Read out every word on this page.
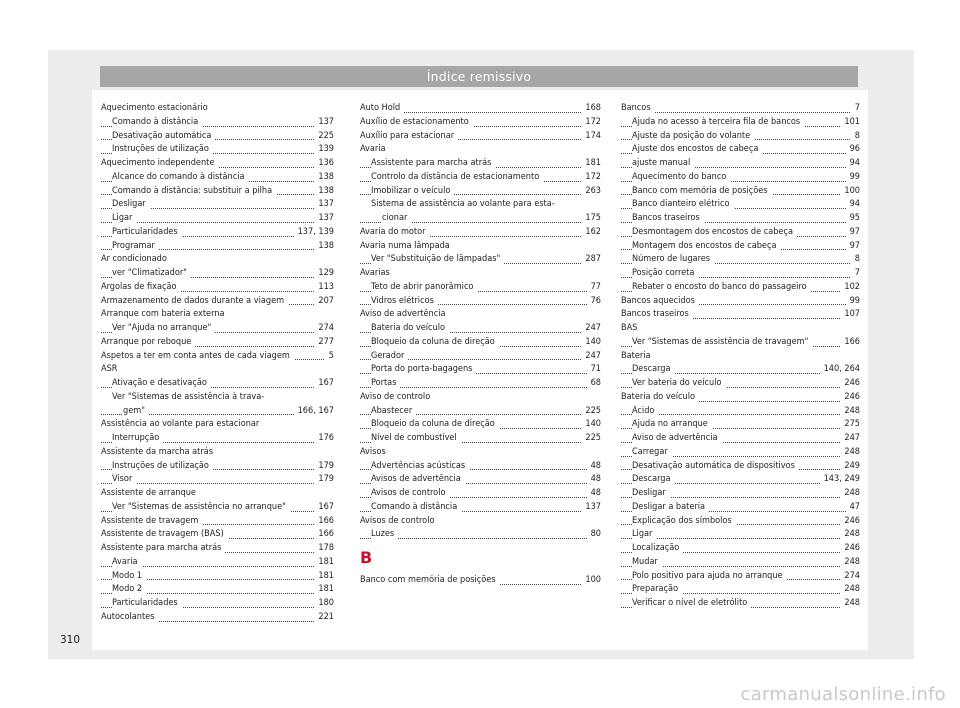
Índice remissivo
Aquecimento estacionário
Comando à distância	137
Desativação automática	225
Instruções de utilização	139
Aquecimento independente	136
Alcance do comando à distância	138
Comando à distância: substituir a pilha	138
Desligar	137
Ligar	137
Particularidades	137, 139
Programar	138
Ar condicionado
ver "Climatizador"	129
Argolas de fixação	113
Armazenamento de dados durante a viagem	207
Arranque com bateria externa
Ver "Ajuda no arranque"	274
Arranque por reboque	277
Aspetos a ter em conta antes de cada viagem	5
ASR
Ativação e desativação	167
Ver "Sistemas de assistência à trava-
gem"	166, 167
Assistência ao volante para estacionar
Interrupção	176
Assistente da marcha atrás
Instruções de utilização	179
Visor	179
Assistente de arranque
Ver "Sistemas de assistência no arranque"	167
Assistente de travagem	166
Assistente de travagem (BAS)	166
Assistente para marcha atrás	178
Avaria	181
Modo 1	181
Modo 2	181
Particularidades	180
Autocolantes	221
Auto Hold	168
Auxílio de estacionamento	172
Auxílio para estacionar	174
Avaria
Assistente para marcha atrás	181
Controlo da distância de estacionamento	172
Imobilizar o veículo	263
Sistema de assistência ao volante para esta-
cionar	175
Avaria do motor	162
Avaria numa lâmpada
Ver "Substituição de lâmpadas"	287
Avarias
Teto de abrir panorâmico	77
Vidros elétricos	76
Aviso de advertência
Bateria do veículo	247
Bloqueio da coluna de direção	140
Gerador	247
Porta do porta-bagagens	71
Portas	68
Aviso de controlo
Abastecer	225
Bloqueio da coluna de direção	140
Nível de combustível	225
Avisos
Advertências acústicas	48
Avisos de advertência	48
Avisos de controlo	48
Comando à distância	137
Avisos de controlo
Luzes	80
B
Banco com memória de posições	100
Bancos	7
Ajuda no acesso à terceira fila de bancos	101
Ajuste da posição do volante	8
Ajuste dos encostos de cabeça	96
ajuste manual	94
Aquecimento do banco	99
Banco com memória de posições	100
Banco dianteiro elétrico	94
Bancos traseiros	95
Desmontagem dos encostos de cabeça	97
Montagem dos encostos de cabeça	97
Número de lugares	8
Posição correta	7
Rebater o encosto do banco do passageiro	102
Bancos aquecidos	99
Bancos traseiros	107
BAS
Ver "Sistemas de assistência de travagem"	166
Bateria
Descarga	140, 264
Ver bateria do veículo	246
Bateria do veículo	246
Ácido	248
Ajuda no arranque	275
Aviso de advertência	247
Carregar	248
Desativação automática de dispositivos	249
Descarga	143, 249
Desligar	248
Desligar a bateria	47
Explicação dos símbolos	246
Ligar	248
Localização	246
Mudar	248
Polo positivo para ajuda no arranque	274
Preparação	248
Verificar o nível de eletrólito	248
310
carmanualsonline.info
